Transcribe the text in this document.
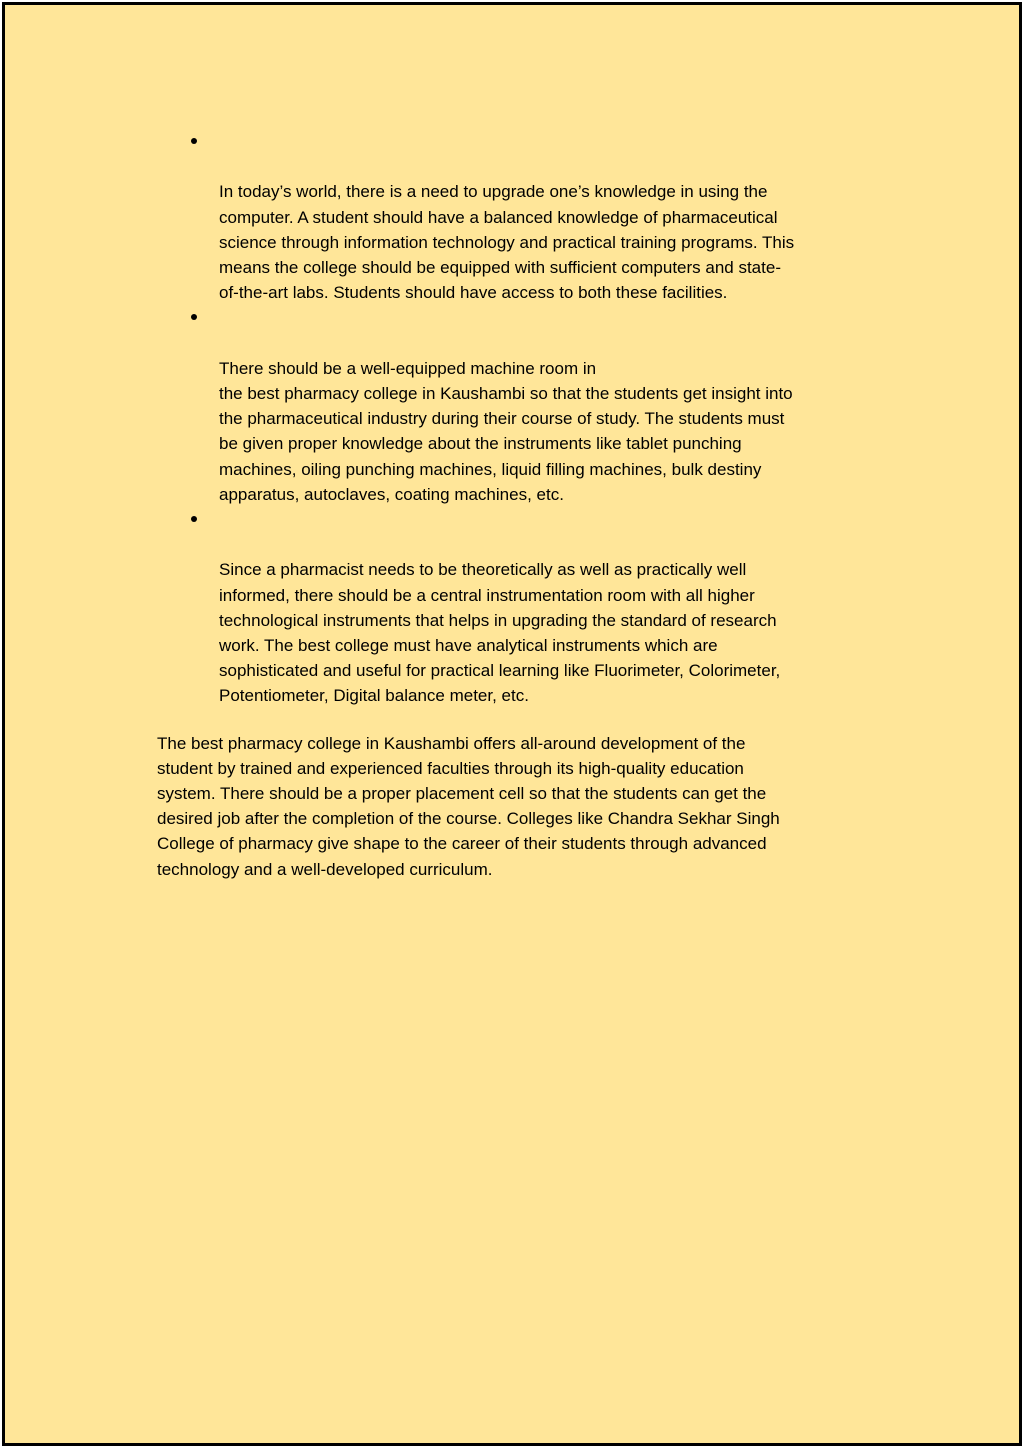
In today’s world, there is a need to upgrade one’s knowledge in using the
computer. A student should have a balanced knowledge of pharmaceutical
science through information technology and practical training programs. This
means the college should be equipped with sufficient computers and state-
of-the-art labs. Students should have access to both these facilities.

There should be a well-equipped machine room in
the best pharmacy college in Kaushambi so that the students get insight into
the pharmaceutical industry during their course of study. The students must
be given proper knowledge about the instruments like tablet punching
machines, oiling punching machines, liquid filling machines, bulk destiny
apparatus, autoclaves, coating machines, etc.

Since a pharmacist needs to be theoretically as well as practically well
informed, there should be a central instrumentation room with all higher
technological instruments that helps in upgrading the standard of research
work. The best college must have analytical instruments which are
sophisticated and useful for practical learning like Fluorimeter, Colorimeter,
Potentiometer, Digital balance meter, etc.

The best pharmacy college in Kaushambi offers all-around development of the
student by trained and experienced faculties through its high-quality education
system. There should be a proper placement cell so that the students can get the
desired job after the completion of the course. Colleges like Chandra Sekhar Singh
College of pharmacy give shape to the career of their students through advanced
technology and a well-developed curriculum.
